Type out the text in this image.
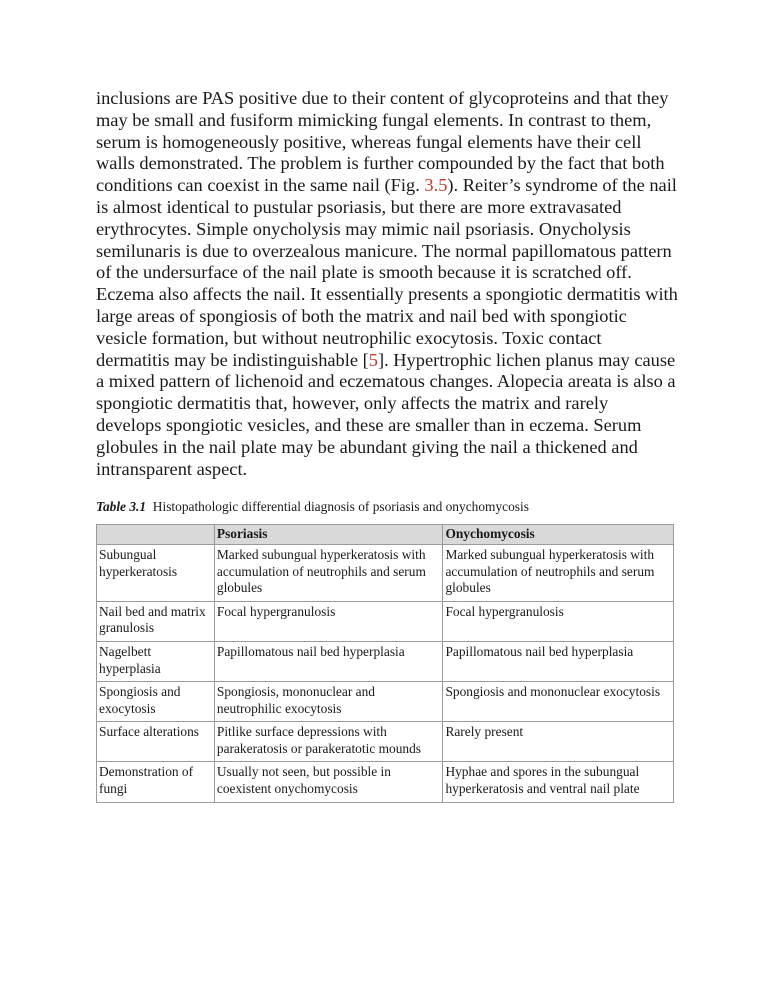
inclusions are PAS positive due to their content of glycoproteins and that they may be small and fusiform mimicking fungal elements. In contrast to them, serum is homogeneously positive, whereas fungal elements have their cell walls demonstrated. The problem is further compounded by the fact that both conditions can coexist in the same nail (Fig. 3.5). Reiter’s syndrome of the nail is almost identical to pustular psoriasis, but there are more extravasated erythrocytes. Simple onycholysis may mimic nail psoriasis. Onycholysis semilunaris is due to overzealous manicure. The normal papillomatous pattern of the undersurface of the nail plate is smooth because it is scratched off. Eczema also affects the nail. It essentially presents a spongiotic dermatitis with large areas of spongiosis of both the matrix and nail bed with spongiotic vesicle formation, but without neutrophilic exocytosis. Toxic contact dermatitis may be indistinguishable [5]. Hypertrophic lichen planus may cause a mixed pattern of lichenoid and eczematous changes. Alopecia areata is also a spongiotic dermatitis that, however, only affects the matrix and rarely develops spongiotic vesicles, and these are smaller than in eczema. Serum globules in the nail plate may be abundant giving the nail a thickened and intransparent aspect.

Table 3.1 Histopathologic differential diagnosis of psoriasis and onychomycosis
	Psoriasis	Onychomycosis
Subungual hyperkeratosis	Marked subungual hyperkeratosis with accumulation of neutrophils and serum globules	Marked subungual hyperkeratosis with accumulation of neutrophils and serum globules
Nail bed and matrix granulosis	Focal hypergranulosis	Focal hypergranulosis
Nagelbett hyperplasia	Papillomatous nail bed hyperplasia	Papillomatous nail bed hyperplasia
Spongiosis and exocytosis	Spongiosis, mononuclear and neutrophilic exocytosis	Spongiosis and mononuclear exocytosis
Surface alterations	Pitlike surface depressions with parakeratosis or parakeratotic mounds	Rarely present
Demonstration of fungi	Usually not seen, but possible in coexistent onychomycosis	Hyphae and spores in the subungual hyperkeratosis and ventral nail plate
